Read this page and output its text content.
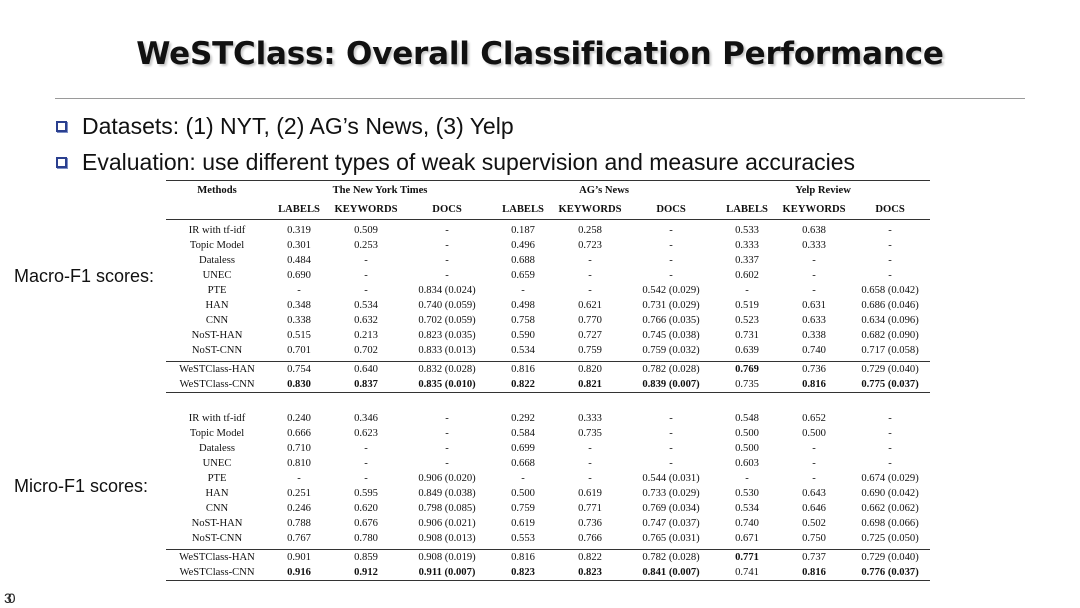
WeSTClass: Overall Classification Performance
Datasets: (1) NYT, (2) AG’s News, (3) Yelp
Evaluation: use different types of weak supervision and measure accuracies
Macro-F1 scores:
Micro-F1 scores:
Methods	The New York Times			AG’s News			Yelp Review		
	LABELS	KEYWORDS	DOCS	LABELS	KEYWORDS	DOCS	LABELS	KEYWORDS	DOCS

IR with tf-idf	0.319	0.509	-	0.187	0.258	-	0.533	0.638	-
Topic Model	0.301	0.253	-	0.496	0.723	-	0.333	0.333	-
Dataless	0.484	-	-	0.688	-	-	0.337	-	-
UNEC	0.690	-	-	0.659	-	-	0.602	-	-
PTE	-	-	0.834 (0.024)	-	-	0.542 (0.029)	-	-	0.658 (0.042)
HAN	0.348	0.534	0.740 (0.059)	0.498	0.621	0.731 (0.029)	0.519	0.631	0.686 (0.046)
CNN	0.338	0.632	0.702 (0.059)	0.758	0.770	0.766 (0.035)	0.523	0.633	0.634 (0.096)
NoST-HAN	0.515	0.213	0.823 (0.035)	0.590	0.727	0.745 (0.038)	0.731	0.338	0.682 (0.090)
NoST-CNN	0.701	0.702	0.833 (0.013)	0.534	0.759	0.759 (0.032)	0.639	0.740	0.717 (0.058)

WeSTClass-HAN	0.754	0.640	0.832 (0.028)	0.816	0.820	0.782 (0.028)	0.769	0.736	0.729 (0.040)
WeSTClass-CNN	0.830	0.837	0.835 (0.010)	0.822	0.821	0.839 (0.007)	0.735	0.816	0.775 (0.037)

IR with tf-idf	0.240	0.346	-	0.292	0.333	-	0.548	0.652	-
Topic Model	0.666	0.623	-	0.584	0.735	-	0.500	0.500	-
Dataless	0.710	-	-	0.699	-	-	0.500	-	-
UNEC	0.810	-	-	0.668	-	-	0.603	-	-
PTE	-	-	0.906 (0.020)	-	-	0.544 (0.031)	-	-	0.674 (0.029)
HAN	0.251	0.595	0.849 (0.038)	0.500	0.619	0.733 (0.029)	0.530	0.643	0.690 (0.042)
CNN	0.246	0.620	0.798 (0.085)	0.759	0.771	0.769 (0.034)	0.534	0.646	0.662 (0.062)
NoST-HAN	0.788	0.676	0.906 (0.021)	0.619	0.736	0.747 (0.037)	0.740	0.502	0.698 (0.066)
NoST-CNN	0.767	0.780	0.908 (0.013)	0.553	0.766	0.765 (0.031)	0.671	0.750	0.725 (0.050)

WeSTClass-HAN	0.901	0.859	0.908 (0.019)	0.816	0.822	0.782 (0.028)	0.771	0.737	0.729 (0.040)
WeSTClass-CNN	0.916	0.912	0.911 (0.007)	0.823	0.823	0.841 (0.007)	0.741	0.816	0.776 (0.037)
30
